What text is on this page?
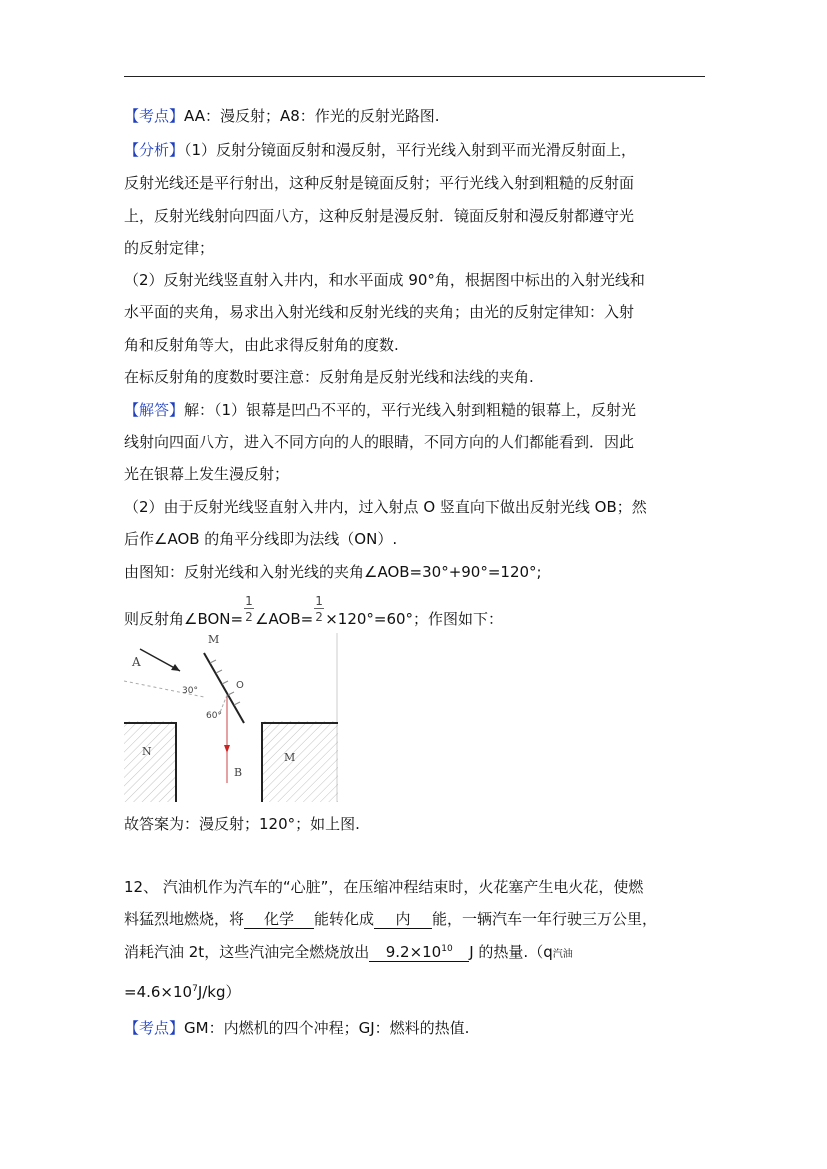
【考点】AA：漫反射；A8：作光的反射光路图.
【分析】（1）反射分镜面反射和漫反射，平行光线入射到平而光滑反射面上，
反射光线还是平行射出，这种反射是镜面反射；平行光线入射到粗糙的反射面
上，反射光线射向四面八方，这种反射是漫反射．镜面反射和漫反射都遵守光
的反射定律；
（2）反射光线竖直射入井内，和水平面成 90°角，根据图中标出的入射光线和
水平面的夹角，易求出入射光线和反射光线的夹角；由光的反射定律知：入射
角和反射角等大，由此求得反射角的度数.
在标反射角的度数时要注意：反射角是反射光线和法线的夹角.
【解答】解：（1）银幕是凹凸不平的，平行光线入射到粗糙的银幕上，反射光
线射向四面八方，进入不同方向的人的眼睛，不同方向的人们都能看到．因此
光在银幕上发生漫反射；
（2）由于反射光线竖直射入井内，过入射点 O 竖直向下做出反射光线 OB；然
后作∠AOB 的角平分线即为法线（ON）.
由图知：反射光线和入射光线的夹角∠AOB=30°+90°=120°;
则反射角∠BON= $\frac{1}{2}$ ∠AOB= $\frac{1}{2} \times 120^\circ=60^\circ$；作图如下：
M
A
30°	O
60°
N
B
M
故答案为：漫反射；120°；如上图.
12、 汽油机作为汽车的“心脏”，在压缩冲程结束时，火花塞产生电火花，使燃
料猛烈地燃烧，将 化学 能转化成 内 能，一辆汽车一年行驶三万公里，
消耗汽油 2t，这些汽油完全燃烧放出 $9.2\times 10^{10}$ J 的热量.（q汽油
$=4.6\times 10^7J/kg$）
【考点】GM：内燃机的四个冲程；GJ：燃料的热值.
